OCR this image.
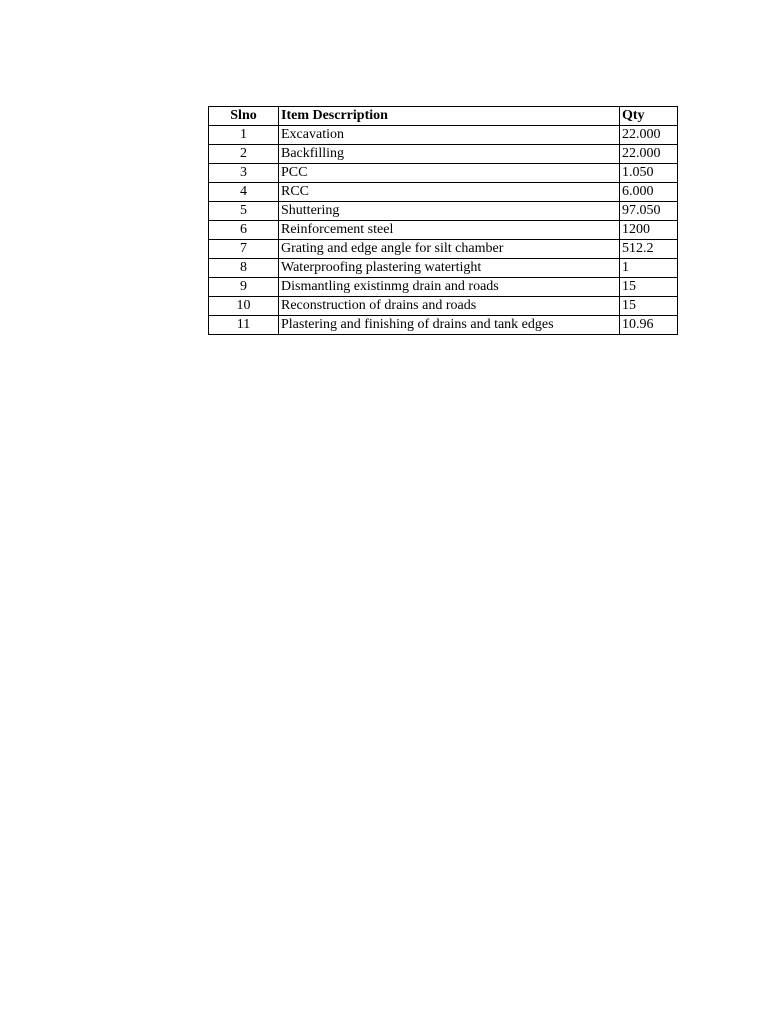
Slno	Item Descrription	Qty
1	Excavation	22.000
2	Backfilling	22.000
3	PCC	1.050
4	RCC	6.000
5	Shuttering	97.050
6	Reinforcement steel	1200
7	Grating and edge angle for silt chamber	512.2
8	Waterproofing plastering watertight	1
9	Dismantling existinmg drain and roads	15
10	Reconstruction of drains and roads	15
11	Plastering and finishing of drains and tank edges	10.96
